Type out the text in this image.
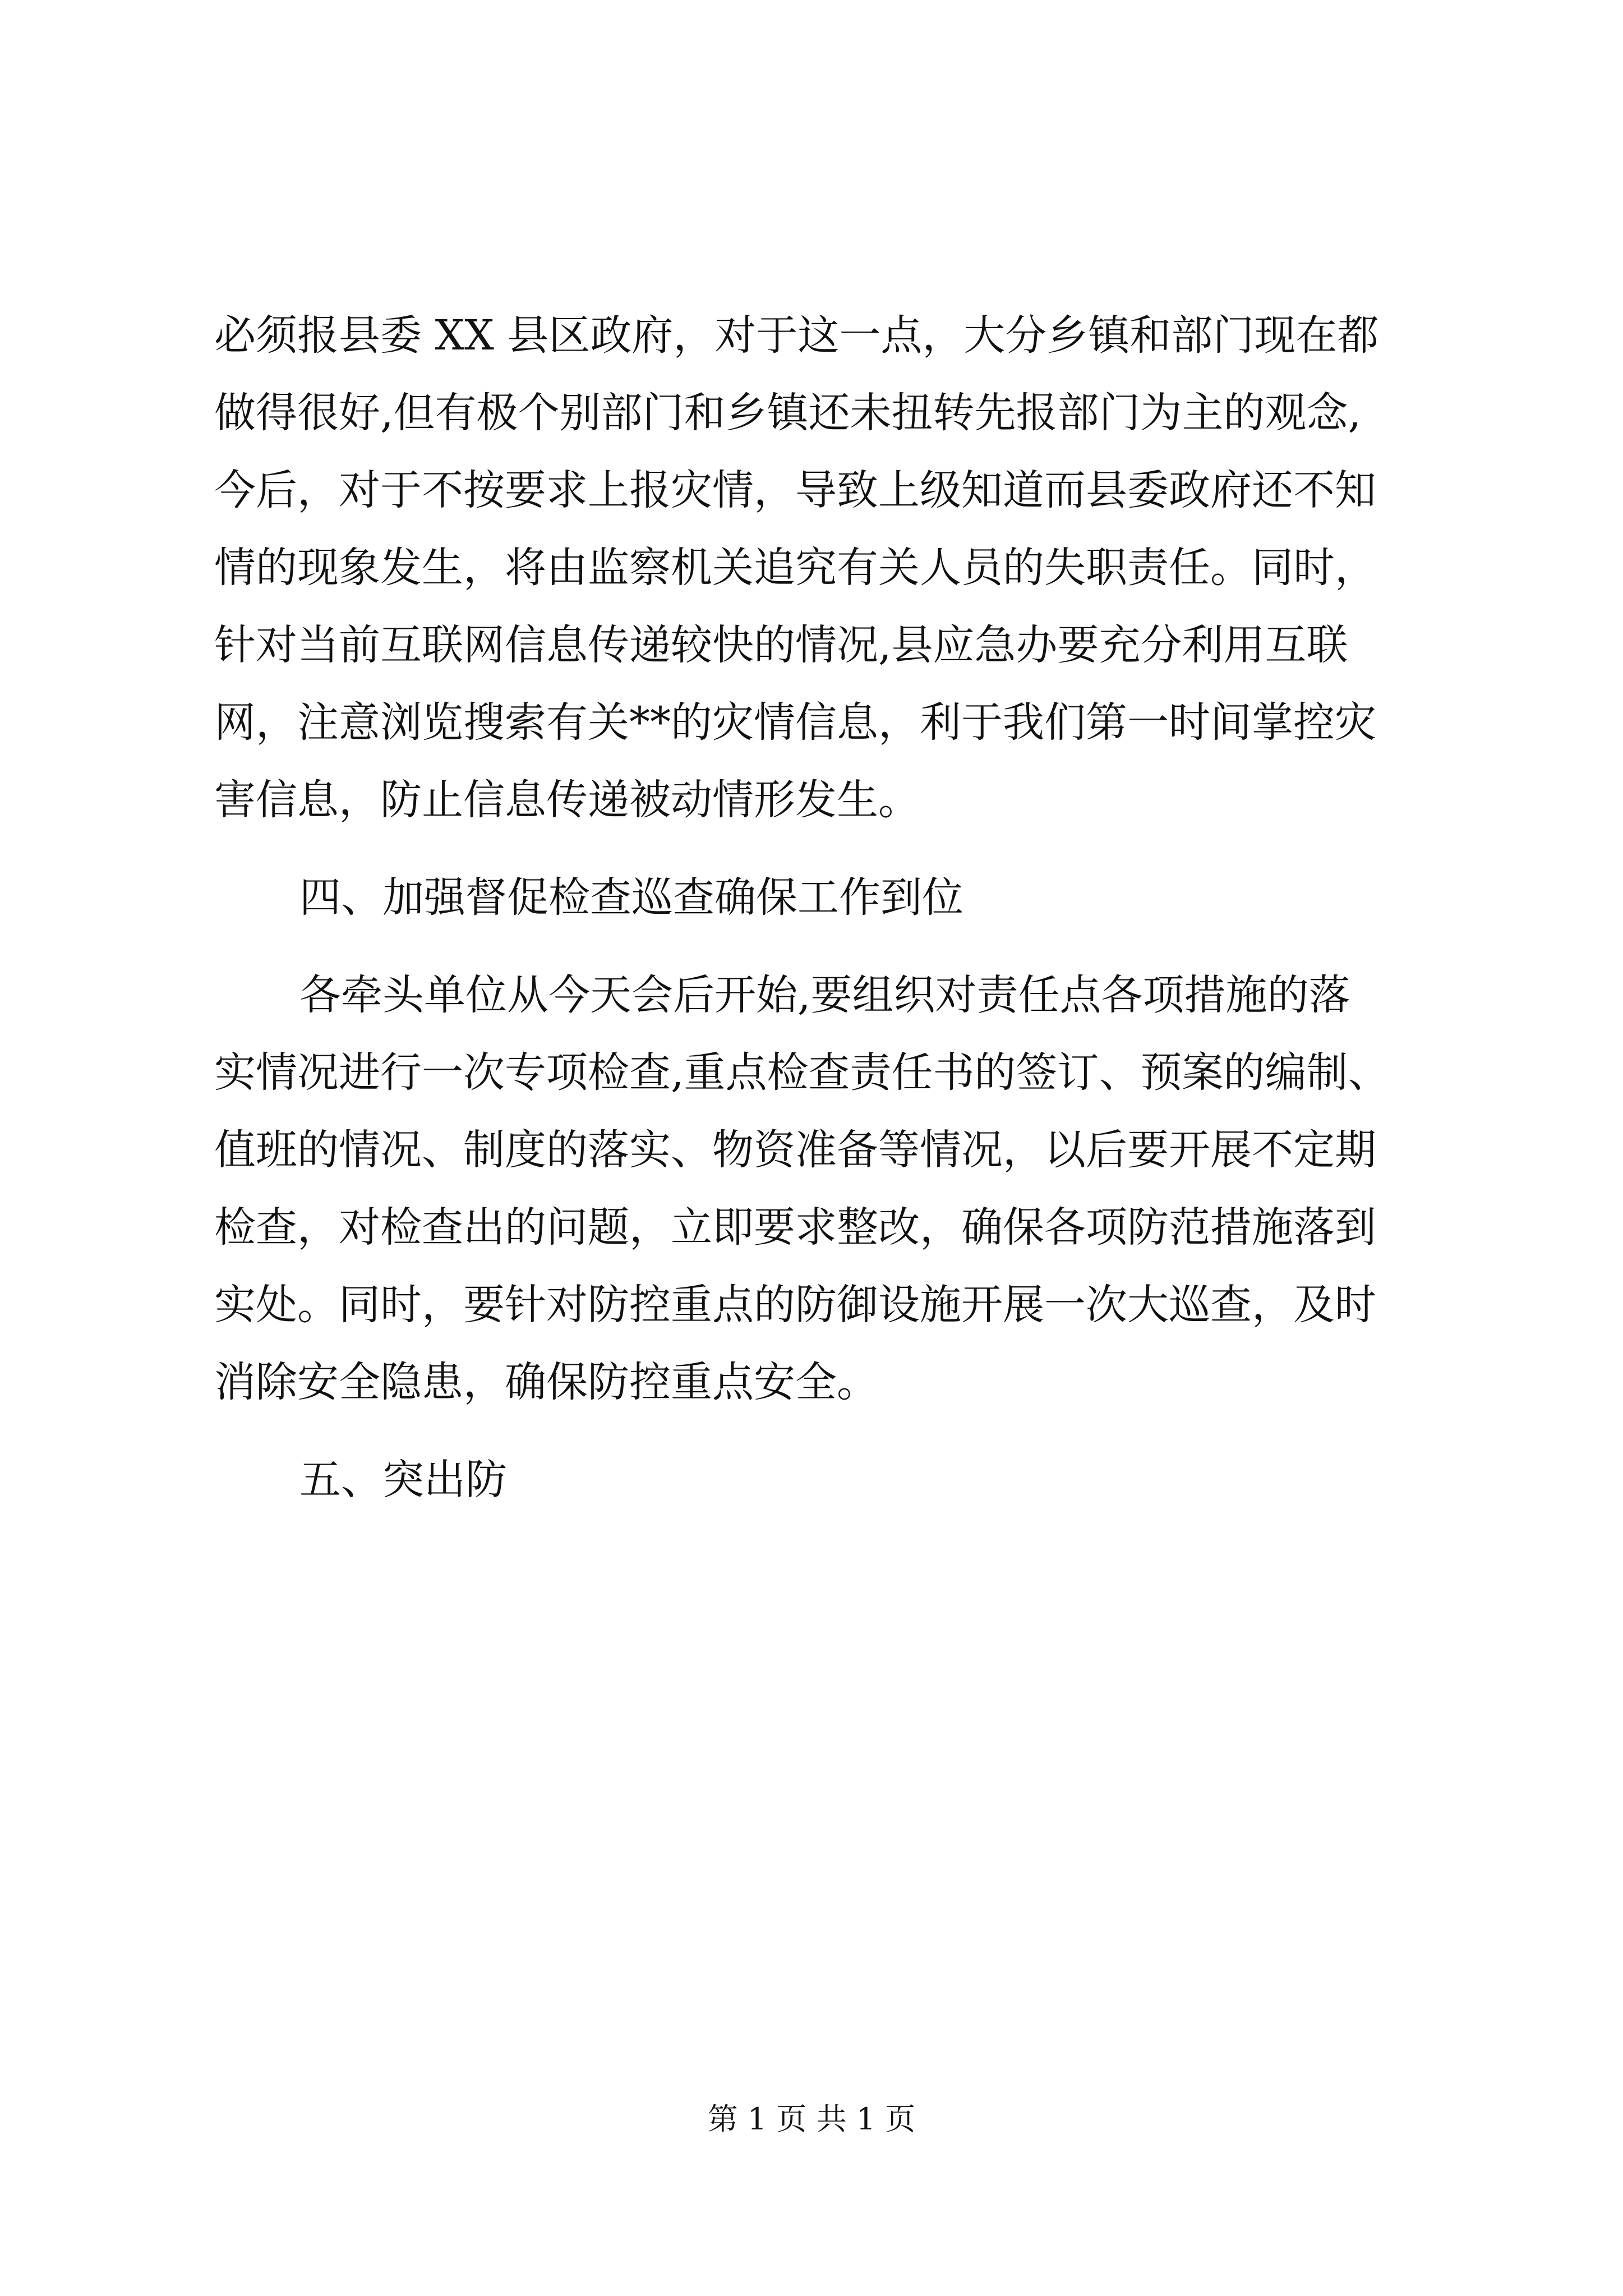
必须报县委 XX 县区政府，对于这一点，大分乡镇和部门现在都
做得很好,但有极个别部门和乡镇还未扭转先报部门为主的观念,
今后，对于不按要求上报灾情，导致上级知道而县委政府还不知
情的现象发生，将由监察机关追究有关人员的失职责任。同时，
针对当前互联网信息传递较快的情况,县应急办要充分利用互联
网，注意浏览搜索有关**的灾情信息，利于我们第一时间掌控灾
害信息，防止信息传递被动情形发生。
四、加强督促检查巡查确保工作到位
各牵头单位从今天会后开始,要组织对责任点各项措施的落
实情况进行一次专项检查,重点检查责任书的签订、预案的编制、
值班的情况、制度的落实、物资准备等情况，以后要开展不定期
检查，对检查出的问题，立即要求整改，确保各项防范措施落到
实处。同时，要针对防控重点的防御设施开展一次大巡查，及时
消除安全隐患，确保防控重点安全。
五、突出防
第 1 页 共 1 页
